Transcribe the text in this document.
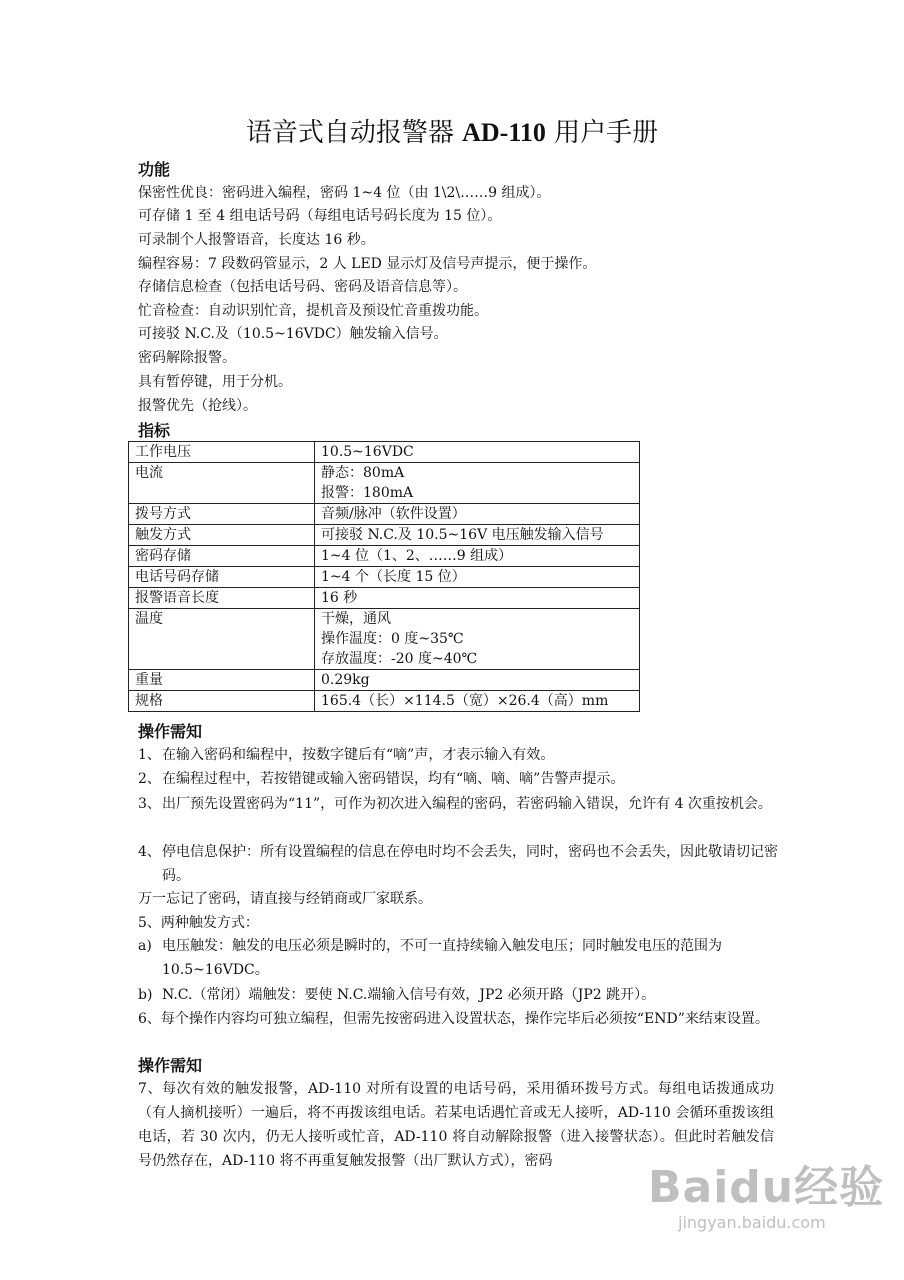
语音式自动报警器 AD-110 用户手册
功能
保密性优良：密码进入编程，密码 1~4 位（由 1\2\……9 组成）。
可存储 1 至 4 组电话号码（每组电话号码长度为 15 位）。
可录制个人报警语音，长度达 16 秒。
编程容易：7 段数码管显示，2 人 LED 显示灯及信号声提示，便于操作。
存储信息检查（包括电话号码、密码及语音信息等）。
忙音检查：自动识别忙音，提机音及预设忙音重拨功能。
可接驳 N.C.及（10.5~16VDC）触发输入信号。
密码解除报警。
具有暂停键，用于分机。
报警优先（抢线）。
指标
工作电压	10.5~16VDC

电流	静态：80mA
报警：180mA

拨号方式	音频/脉冲（软件设置）

触发方式	可接驳 N.C.及 10.5~16V 电压触发输入信号

密码存储	1~4 位（1、2、……9 组成）

电话号码存储	1~4 个（长度 15 位）

报警语音长度	16 秒

温度	干燥，通风
操作温度：0 度~35℃
存放温度：-20 度~40℃

重量	0.29kg

规格	165.4（长）×114.5（宽）×26.4（高）mm
操作需知
1、 在输入密码和编程中，按数字键后有“嘀”声，才表示输入有效。
2、 在编程过程中，若按错键或输入密码错误，均有“嘀、嘀、嘀”告警声提示。
3、 出厂预先设置密码为“11”，可作为初次进入编程的密码，若密码输入错误，允许有 4 次重按机会。
4、 停电信息保护：所有设置编程的信息在停电时均不会丢失，同时，密码也不会丢失，因此敬请切记密码。
万一忘记了密码，请直接与经销商或厂家联系。
5、两种触发方式：
a) 电压触发：触发的电压必须是瞬时的，不可一直持续输入触发电压；同时触发电压的范围为 10.5~16VDC。
b) N.C.（常闭）端触发：要使 N.C.端输入信号有效，JP2 必须开路（JP2 跳开）。
6、每个操作内容均可独立编程，但需先按密码进入设置状态，操作完毕后必须按“END”来结束设置。
操作需知
7、每次有效的触发报警，AD-110 对所有设置的电话号码，采用循环拨号方式。每组电话拨通成功（有人摘机接听）一遍后，将不再拨该组电话。若某电话遇忙音或无人接听，AD-110 会循环重拨该组电话，若 30 次内，仍无人接听或忙音，AD-110 将自动解除报警（进入接警状态）。但此时若触发信号仍然存在，AD-110 将不再重复触发报警（出厂默认方式），密码
Baidu经验
jingyan.baidu.com
